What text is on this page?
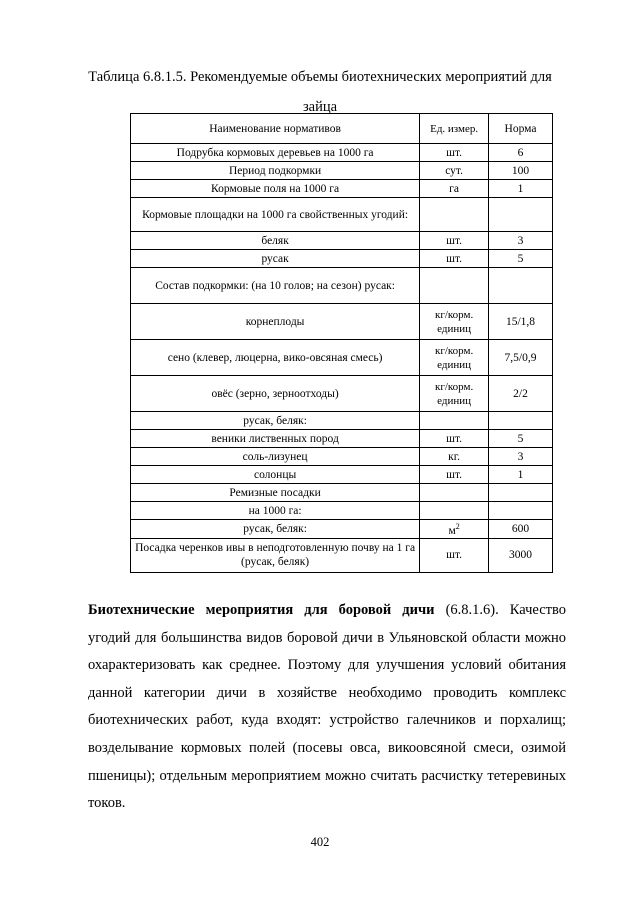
Таблица 6.8.1.5. Рекомендуемые объемы биотехнических мероприятий для
зайца
Наименование нормативов	Ед. измер.	Норма
Подрубка кормовых деревьев на 1000 га	шт.	6
Период подкормки	сут.	100
Кормовые поля на 1000 га	га	1
Кормовые площадки на 1000 га свойственных угодий:		
беляк	шт.	3
русак	шт.	5
Состав подкормки: (на 10 голов; на сезон) русак:		
корнеплоды	кг/корм. единиц	15/1,8
сено (клевер, люцерна, вико-овсяная смесь)	кг/корм. единиц	7,5/0,9
овёс (зерно, зерноотходы)	кг/корм. единиц	2/2
русак, беляк:		
веники лиственных пород	шт.	5
соль-лизунец	кг.	3
солонцы	шт.	1
Ремизные посадки		
на 1000 га:		
русак, беляк:	$м^2$	600
Посадка черенков ивы в неподготовленную почву на 1 га (русак, беляк)	шт.	3000

Биотехнические мероприятия для боровой дичи (6.8.1.6). Качество угодий для большинства видов боровой дичи в Ульяновской области можно охарактеризовать как среднее. Поэтому для улучшения условий обитания данной категории дичи в хозяйстве необходимо проводить комплекс биотехнических работ, куда входят: устройство галечников и порхалищ; возделывание кормовых полей (посевы овса, викоовсяной смеси, озимой пшеницы); отдельным мероприятием можно считать расчистку тетеревиных токов.

402
